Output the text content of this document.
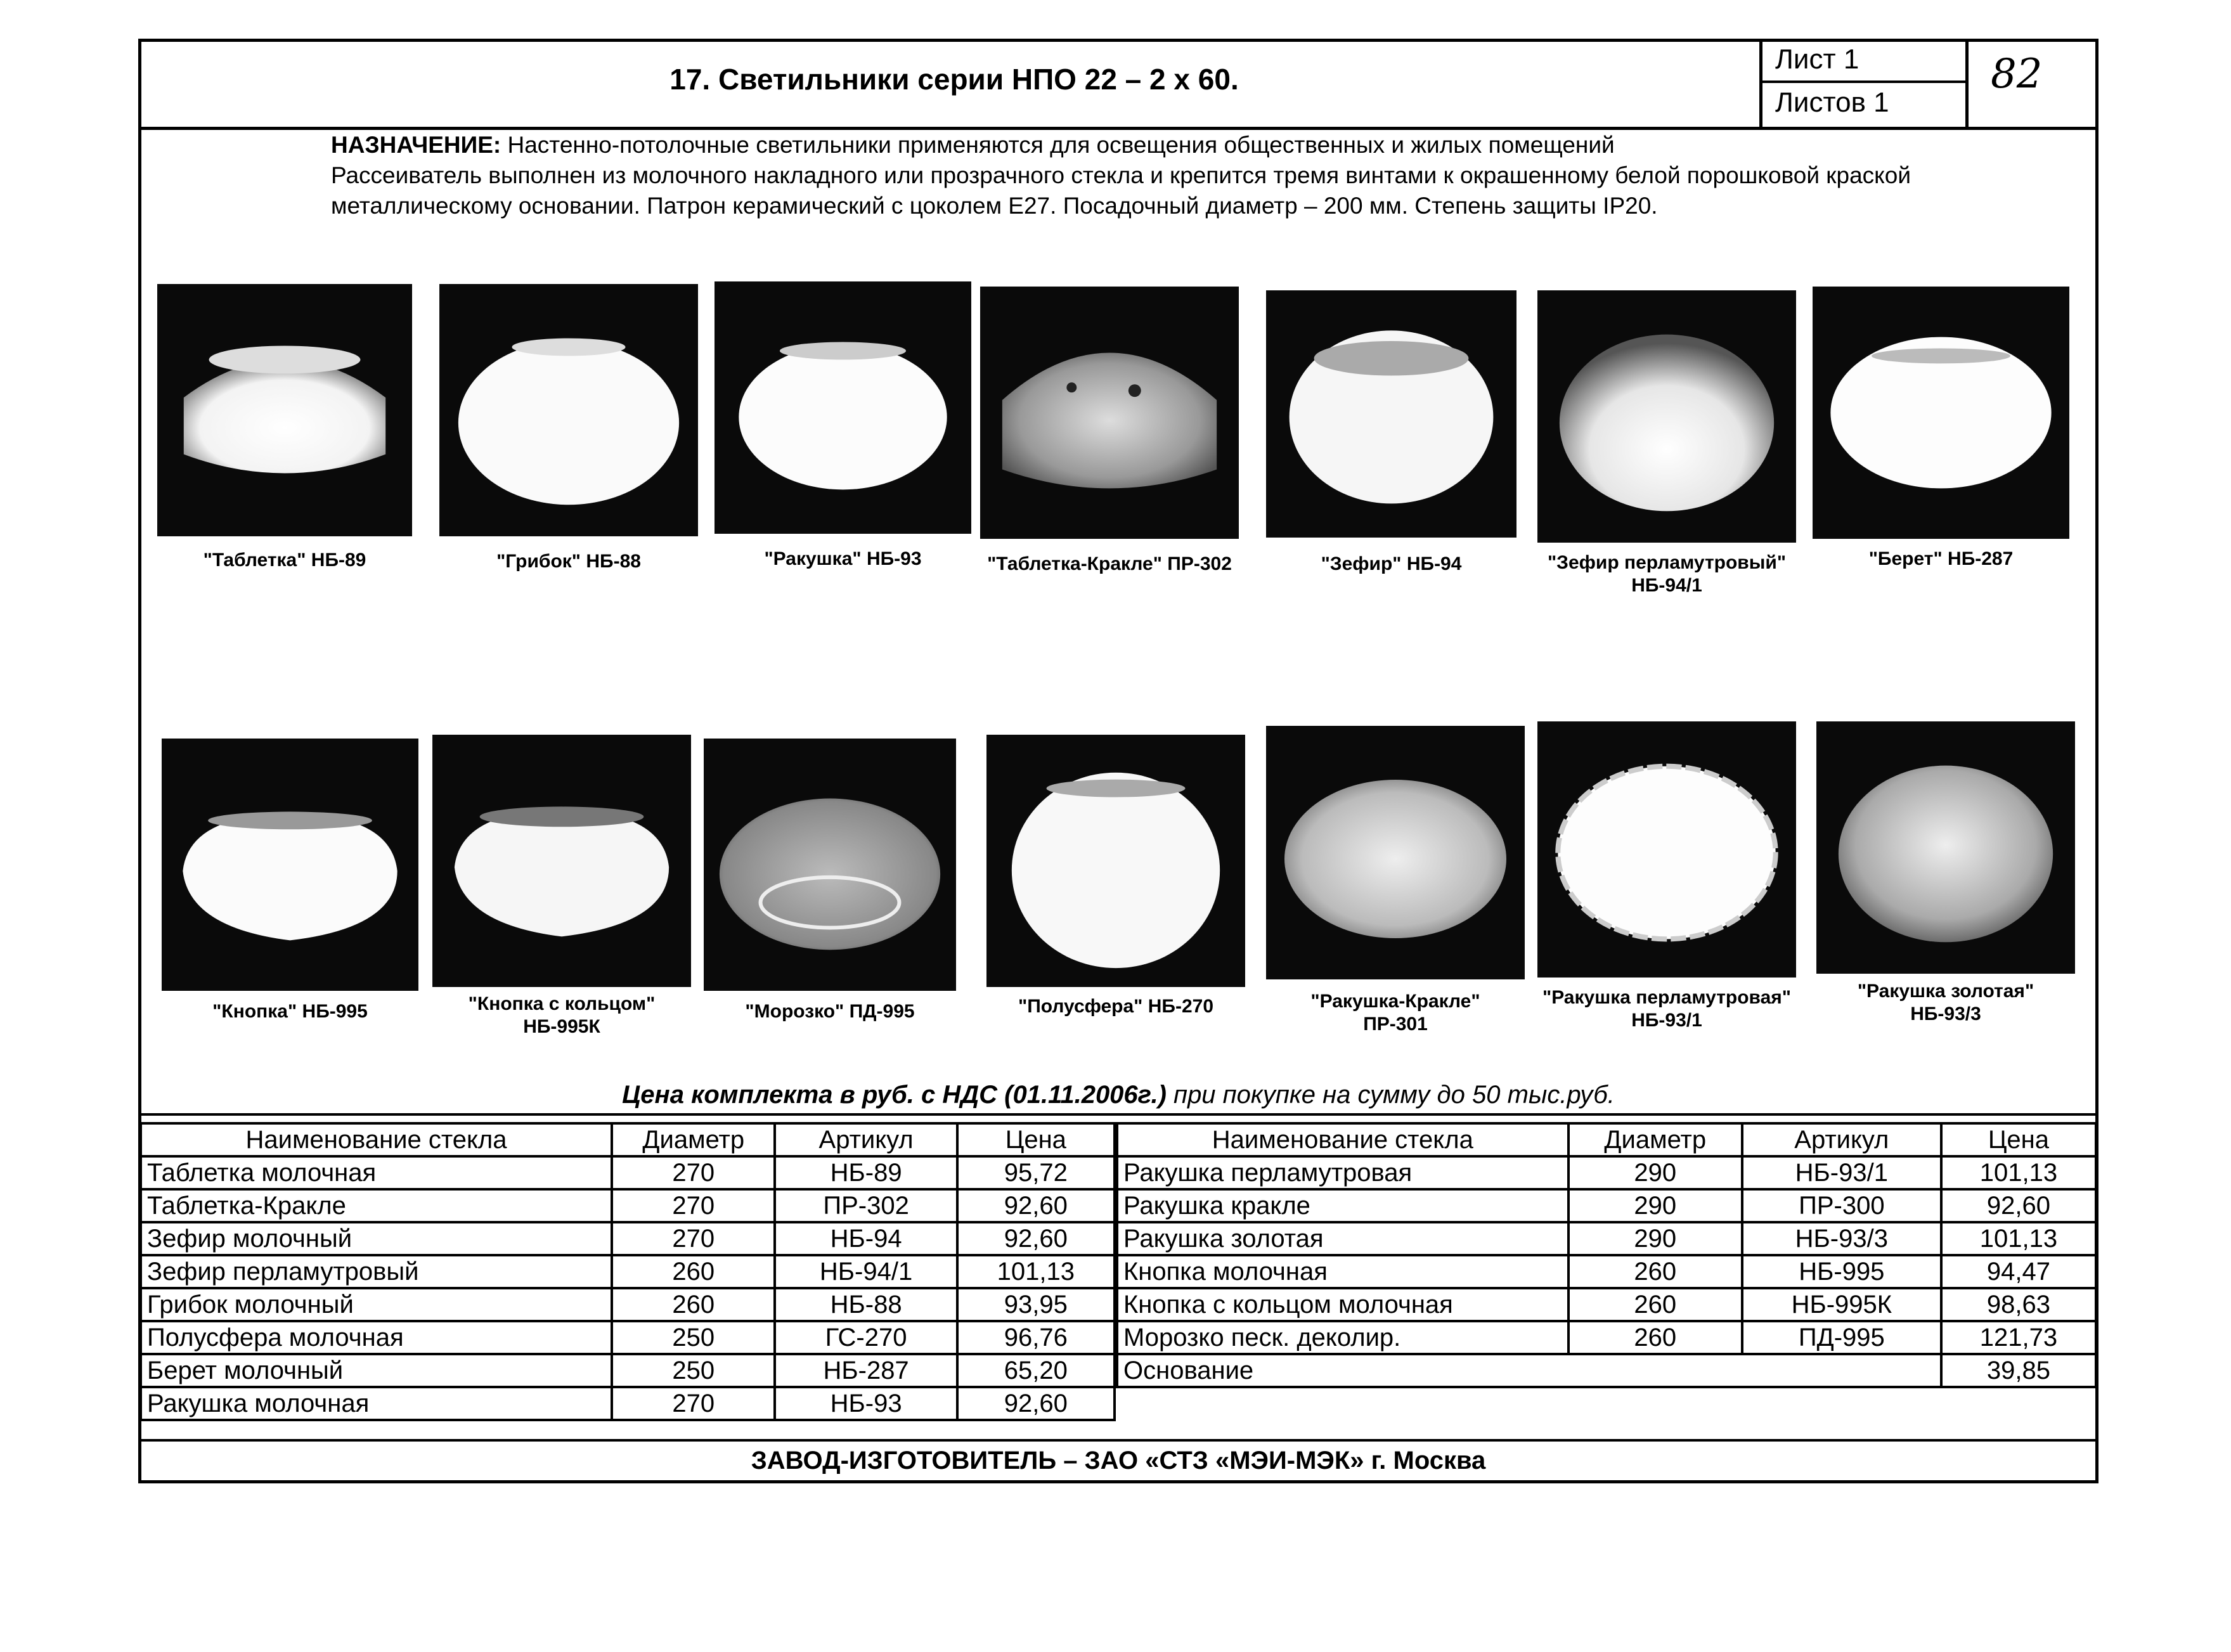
17. Светильники серии НПО 22 – 2 х 60.
Лист 1
Листов 1
82
НАЗНАЧЕНИЕ: Настенно-потолочные светильники применяются для освещения общественных и жилых помещений
Рассеиватель выполнен из молочного накладного или прозрачного стекла и крепится тремя винтами к окрашенному белой порошковой краской
металлическому основании. Патрон керамический с цоколем Е27. Посадочный диаметр – 200 мм. Степень защиты IP20.
"Таблетка" НБ-89	"Грибок" НБ-88	"Ракушка" НБ-93	"Таблетка-Кракле" ПР-302	"Зефир" НБ-94	"Зефир перламутровый"
НБ-94/1
"Берет" НБ-287
"Кнопка" НБ-995	"Кнопка с кольцом"
НБ-995К
"Морозко" ПД-995	"Полусфера" НБ-270	"Ракушка-Кракле"
ПР-301
"Ракушка перламутровая"
НБ-93/1
"Ракушка золотая"
НБ-93/3
Цена комплекта в руб. с НДС (01.11.2006г.) при покупке на сумму до 50 тыс.руб.
Наименование стекла	Диаметр	Артикул	Цена
Таблетка молочная	270	НБ-89	95,72
Таблетка-Кракле	270	ПР-302	92,60
Зефир молочный	270	НБ-94	92,60
Зефир перламутровый	260	НБ-94/1	101,13
Грибок молочный	260	НБ-88	93,95
Полусфера молочная	250	ГС-270	96,76
Берет молочный	250	НБ-287	65,20
Ракушка молочная	270	НБ-93	92,60
Наименование стекла	Диаметр	Артикул	Цена
Ракушка перламутровая	290	НБ-93/1	101,13
Ракушка кракле	290	ПР-300	92,60
Ракушка золотая	290	НБ-93/3	101,13
Кнопка молочная	260	НБ-995	94,47
Кнопка с кольцом молочная	260	НБ-995К	98,63
Морозко песк. деколир.	260	ПД-995	121,73
Основание			39,85
ЗАВОД-ИЗГОТОВИТЕЛЬ – ЗАО «СТЗ «МЭИ-МЭК» г. Москва
